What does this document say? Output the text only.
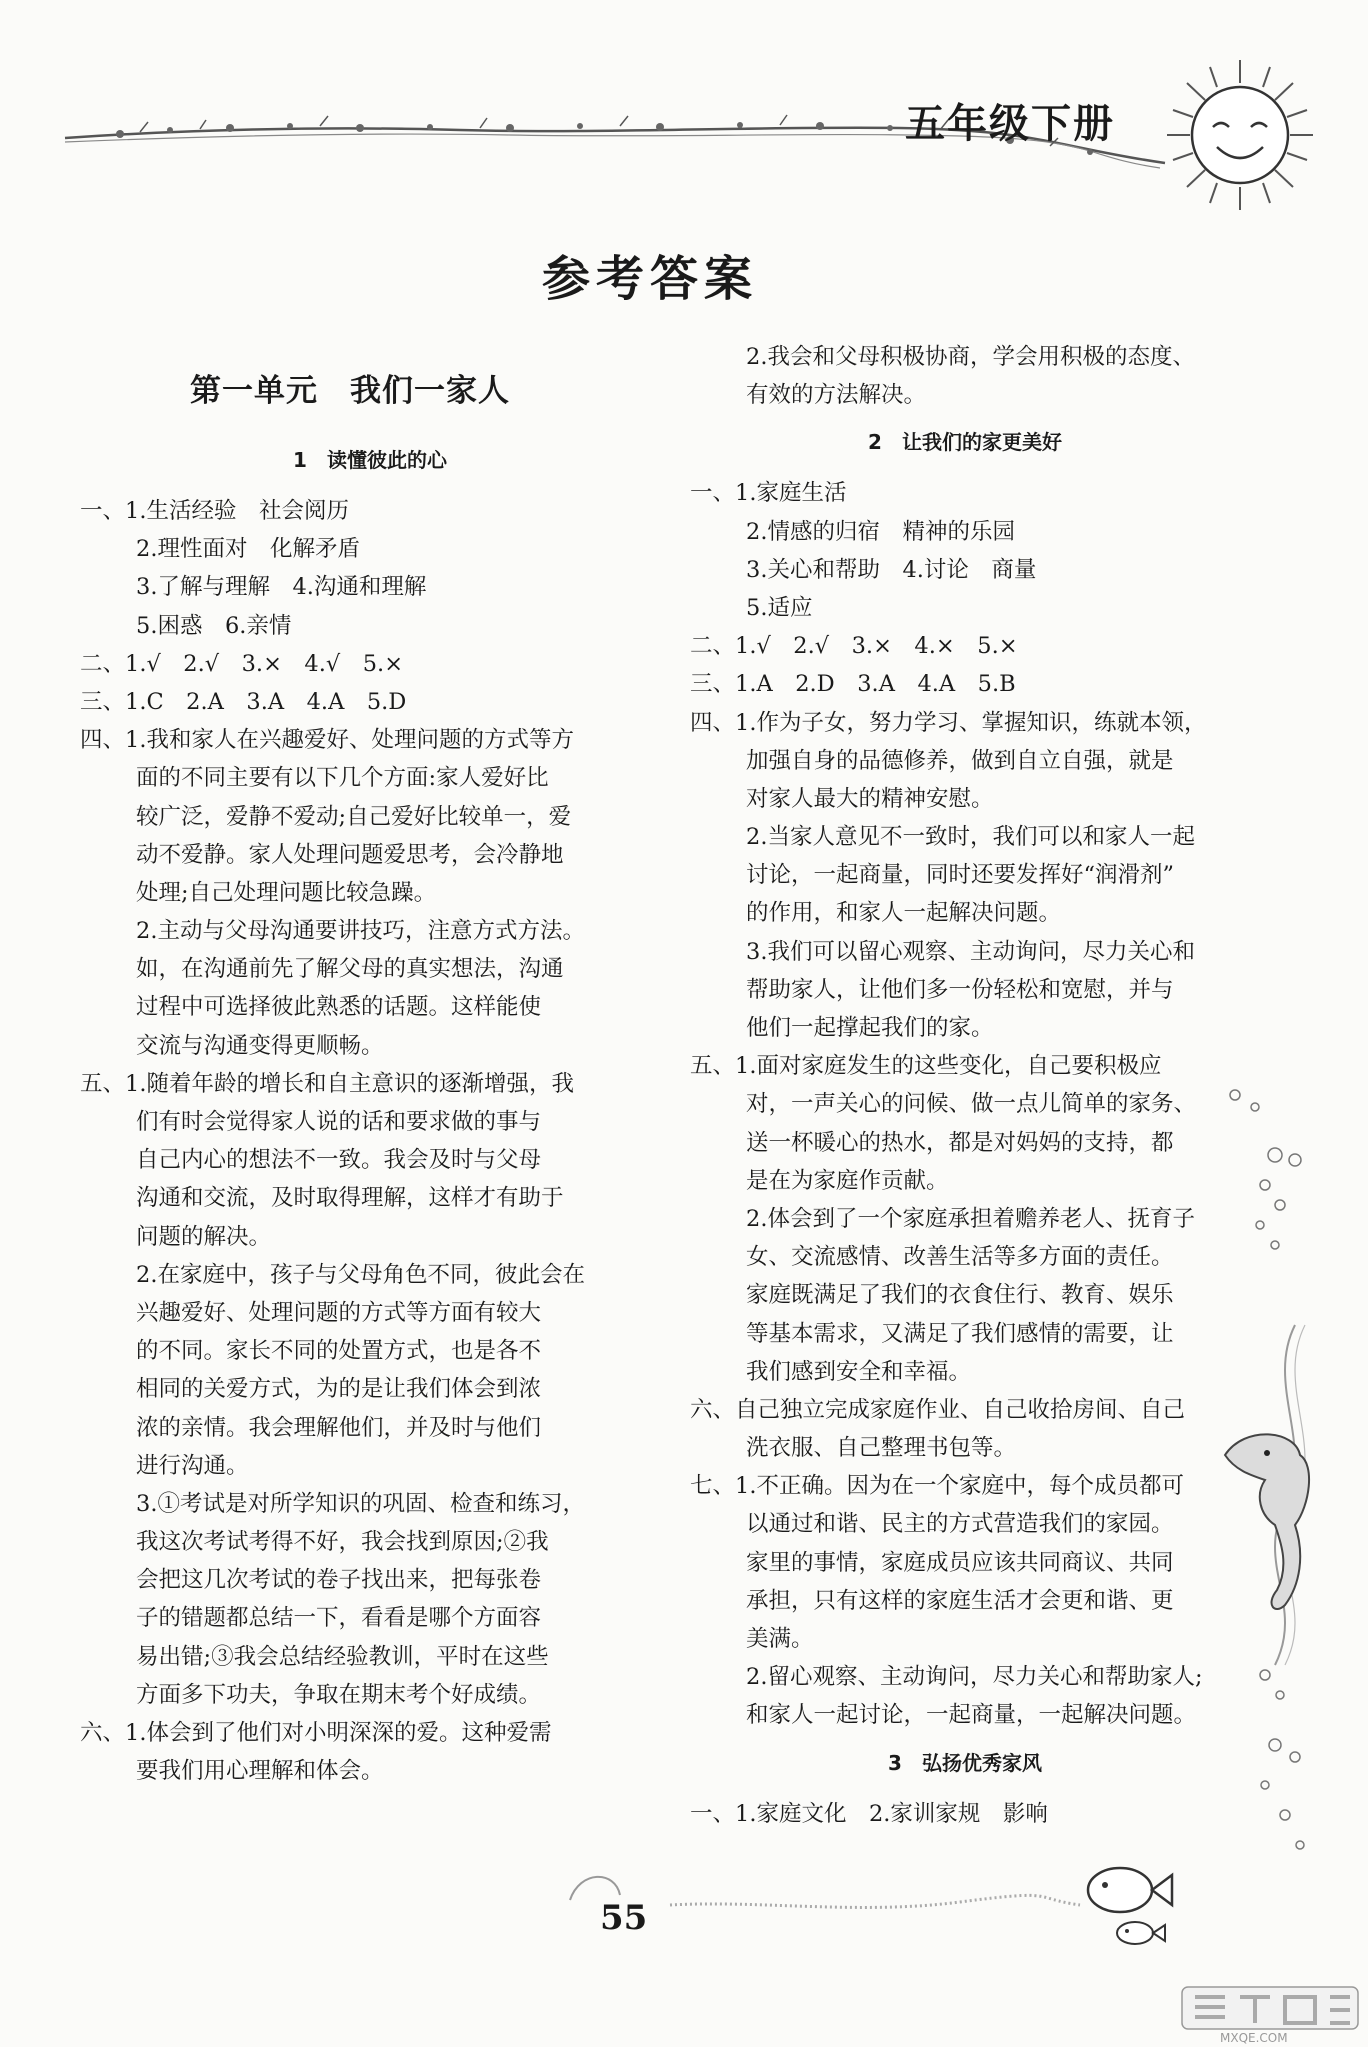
五年级下册
参考答案
第一单元　我们一家人
1　读懂彼此的心
一、1.生活经验　社会阅历
2.理性面对　化解矛盾
3.了解与理解　4.沟通和理解
5.困惑　6.亲情
二、1.√　2.√　3.×　4.√　5.×
三、1.C　2.A　3.A　4.A　5.D
四、1.我和家人在兴趣爱好、处理问题的方式等方
面的不同主要有以下几个方面:家人爱好比
较广泛，爱静不爱动;自己爱好比较单一，爱
动不爱静。家人处理问题爱思考，会冷静地
处理;自己处理问题比较急躁。
2.主动与父母沟通要讲技巧，注意方式方法。
如，在沟通前先了解父母的真实想法，沟通
过程中可选择彼此熟悉的话题。这样能使
交流与沟通变得更顺畅。
五、1.随着年龄的增长和自主意识的逐渐增强，我
们有时会觉得家人说的话和要求做的事与
自己内心的想法不一致。我会及时与父母
沟通和交流，及时取得理解，这样才有助于
问题的解决。
2.在家庭中，孩子与父母角色不同，彼此会在
兴趣爱好、处理问题的方式等方面有较大
的不同。家长不同的处置方式，也是各不
相同的关爱方式，为的是让我们体会到浓
浓的亲情。我会理解他们，并及时与他们
进行沟通。
3.①考试是对所学知识的巩固、检查和练习，
我这次考试考得不好，我会找到原因;②我
会把这几次考试的卷子找出来，把每张卷
子的错题都总结一下，看看是哪个方面容
易出错;③我会总结经验教训，平时在这些
方面多下功夫，争取在期末考个好成绩。
六、1.体会到了他们对小明深深的爱。这种爱需
要我们用心理解和体会。
2.我会和父母积极协商，学会用积极的态度、
有效的方法解决。
2　让我们的家更美好
一、1.家庭生活
2.情感的归宿　精神的乐园
3.关心和帮助　4.讨论　商量
5.适应
二、1.√　2.√　3.×　4.×　5.×
三、1.A　2.D　3.A　4.A　5.B
四、1.作为子女，努力学习、掌握知识，练就本领，
加强自身的品德修养，做到自立自强，就是
对家人最大的精神安慰。
2.当家人意见不一致时，我们可以和家人一起
讨论，一起商量，同时还要发挥好“润滑剂”
的作用，和家人一起解决问题。
3.我们可以留心观察、主动询问，尽力关心和
帮助家人，让他们多一份轻松和宽慰，并与
他们一起撑起我们的家。
五、1.面对家庭发生的这些变化，自己要积极应
对，一声关心的问候、做一点儿简单的家务、
送一杯暖心的热水，都是对妈妈的支持，都
是在为家庭作贡献。
2.体会到了一个家庭承担着赡养老人、抚育子
女、交流感情、改善生活等多方面的责任。
家庭既满足了我们的衣食住行、教育、娱乐
等基本需求，又满足了我们感情的需要，让
我们感到安全和幸福。
六、自己独立完成家庭作业、自己收拾房间、自己
洗衣服、自己整理书包等。
七、1.不正确。因为在一个家庭中，每个成员都可
以通过和谐、民主的方式营造我们的家园。
家里的事情，家庭成员应该共同商议、共同
承担，只有这样的家庭生活才会更和谐、更
美满。
2.留心观察、主动询问，尽力关心和帮助家人;
和家人一起讨论，一起商量，一起解决问题。
3　弘扬优秀家风
一、1.家庭文化　2.家训家规　影响
55
MXQE.COM
